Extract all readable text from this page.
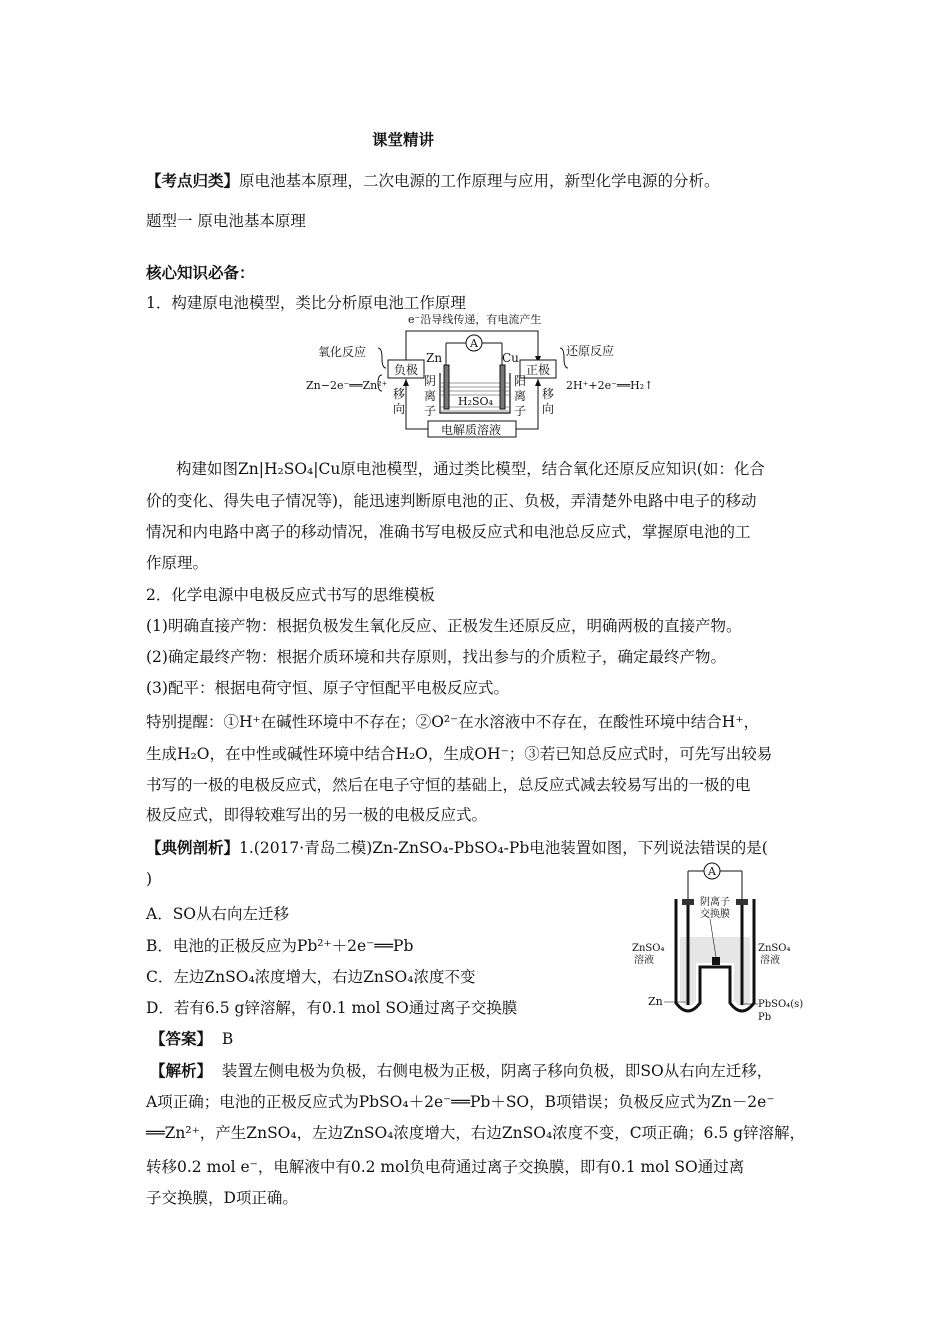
课堂精讲
【考点归类】原电池基本原理，二次电源的工作原理与应用，新型化学电源的分析。
题型一 原电池基本原理
核心知识必备：
1．构建原电池模型，类比分析原电池工作原理
e⁻沿导线传递，有电流产生
氧化反应
负极
Zn−2e⁻══Zn²⁺
Zn	Cu
A
H₂SO₄
正极
还原反应
2H⁺+2e⁻══H₂↑
移
向
阴
离
子
阳
离
子
移
向
电解质溶液
构建如图Zn|H₂SO₄|Cu原电池模型，通过类比模型，结合氧化还原反应知识(如：化合
价的变化、得失电子情况等)，能迅速判断原电池的正、负极，弄清楚外电路中电子的移动
情况和内电路中离子的移动情况，准确书写电极反应式和电池总反应式，掌握原电池的工
作原理。
2．化学电源中电极反应式书写的思维模板
(1)明确直接产物：根据负极发生氧化反应、正极发生还原反应，明确两极的直接产物。
(2)确定最终产物：根据介质环境和共存原则，找出参与的介质粒子，确定最终产物。
(3)配平：根据电荷守恒、原子守恒配平电极反应式。
特别提醒：①H⁺在碱性环境中不存在；②O²⁻在水溶液中不存在，在酸性环境中结合H⁺，
生成H₂O，在中性或碱性环境中结合H₂O，生成OH⁻；③若已知总反应式时，可先写出较易
书写的一极的电极反应式，然后在电子守恒的基础上，总反应式减去较易写出的一极的电
极反应式，即得较难写出的另一极的电极反应式。
【典例剖析】1.(2017·青岛二模)Zn-ZnSO₄-PbSO₄-Pb电池装置如图，下列说法错误的是(
)
A．SO从右向左迁移
B．电池的正极反应为Pb²⁺＋2e⁻══Pb
C．左边ZnSO₄浓度增大，右边ZnSO₄浓度不变
D．若有6.5 g锌溶解，有0.1 mol SO通过离子交换膜
A
阴离子
交换膜
ZnSO₄
溶液
ZnSO₄
溶液
Zn	PbSO₄(s)
Pb
【答案】 B
【解析】 装置左侧电极为负极，右侧电极为正极，阴离子移向负极，即SO从右向左迁移，
A项正确；电池的正极反应式为PbSO₄＋2e⁻══Pb＋SO，B项错误；负极反应式为Zn－2e⁻
══Zn²⁺，产生ZnSO₄，左边ZnSO₄浓度增大，右边ZnSO₄浓度不变，C项正确；6.5 g锌溶解，
转移0.2 mol e⁻，电解液中有0.2 mol负电荷通过离子交换膜，即有0.1 mol SO通过离
子交换膜，D项正确。
